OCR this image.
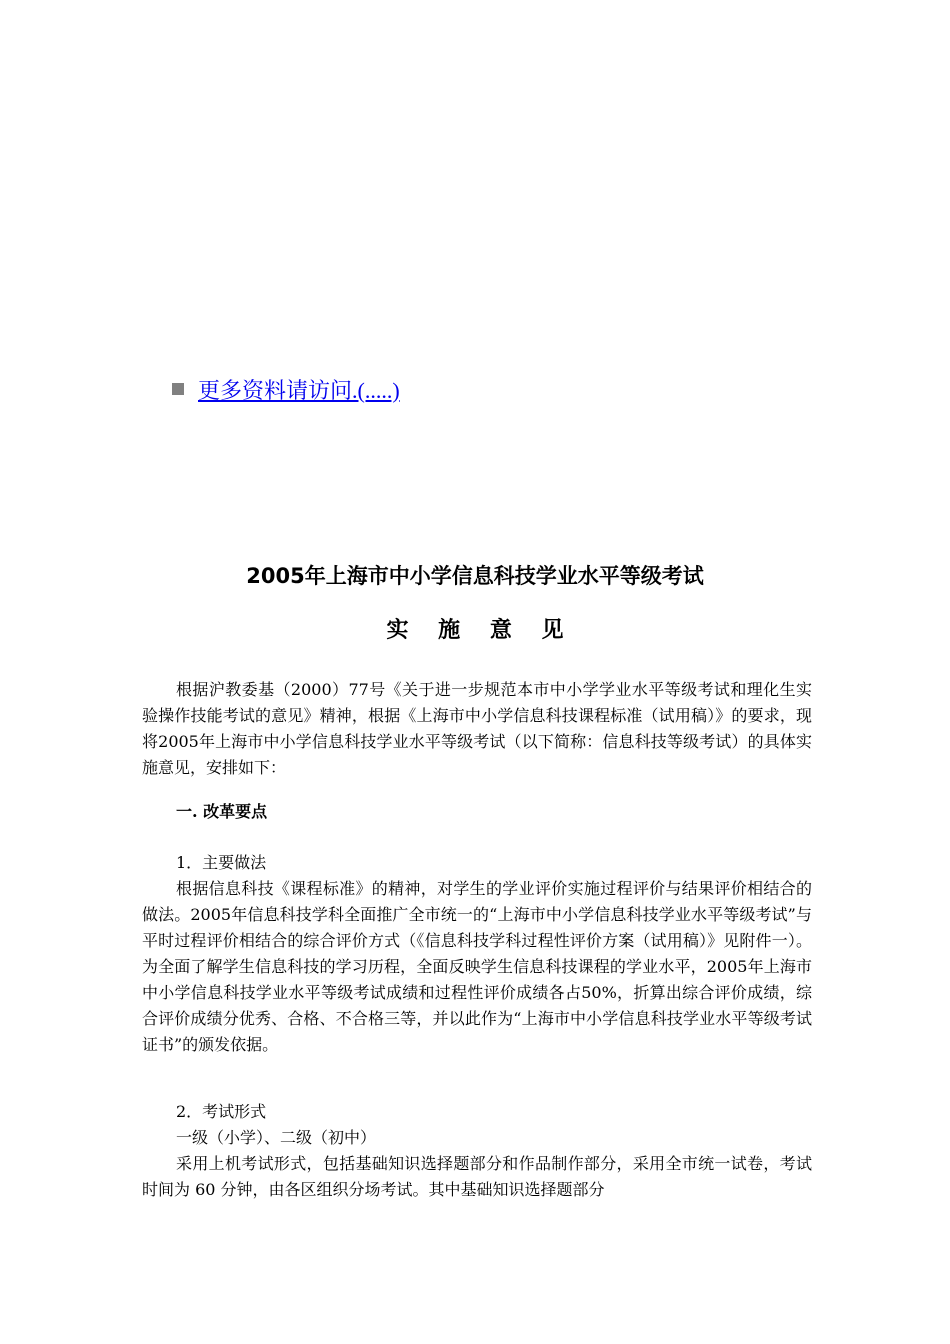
更多资料请访问.(.....)
2005年上海市中小学信息科技学业水平等级考试
实 施 意 见
根据沪教委基（2000）77号《关于进一步规范本市中小学学业水平等级考试和理化生实验操作技能考试的意见》精神，根据《上海市中小学信息科技课程标准（试用稿）》的要求，现将2005年上海市中小学信息科技学业水平等级考试（以下简称：信息科技等级考试）的具体实施意见，安排如下：
一. 改革要点
1．主要做法
根据信息科技《课程标准》的精神，对学生的学业评价实施过程评价与结果评价相结合的做法。2005年信息科技学科全面推广全市统一的“上海市中小学信息科技学业水平等级考试”与平时过程评价相结合的综合评价方式（《信息科技学科过程性评价方案（试用稿）》见附件一）。为全面了解学生信息科技的学习历程，全面反映学生信息科技课程的学业水平，2005年上海市中小学信息科技学业水平等级考试成绩和过程性评价成绩各占50%，折算出综合评价成绩，综合评价成绩分优秀、合格、不合格三等，并以此作为“上海市中小学信息科技学业水平等级考试证书”的颁发依据。
2．考试形式
一级（小学）、二级（初中）
采用上机考试形式，包括基础知识选择题部分和作品制作部分，采用全市统一试卷，考试时间为 60 分钟，由各区组织分场考试。其中基础知识选择题部分
